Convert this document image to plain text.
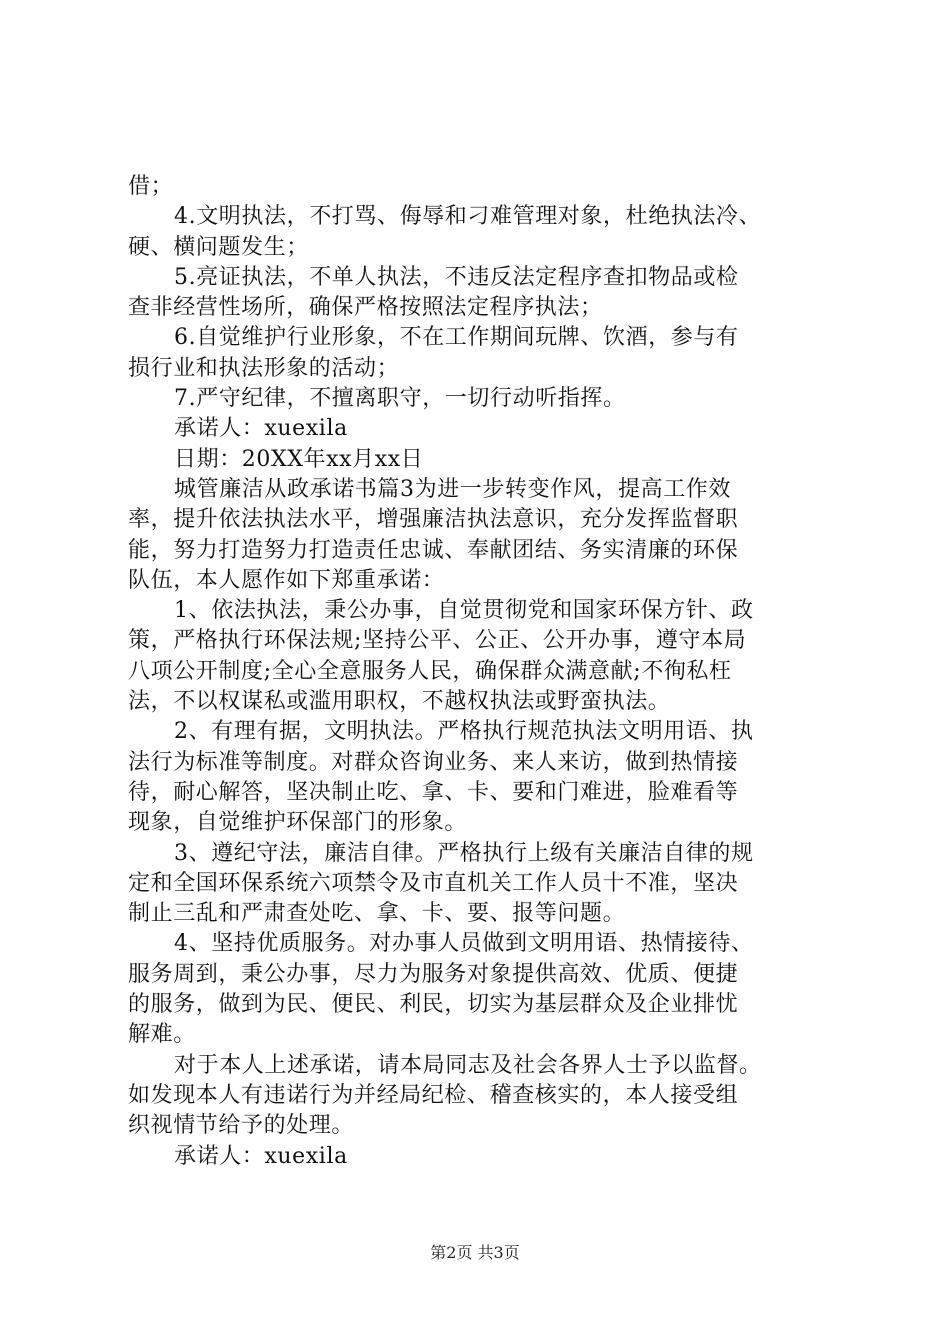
借；
4.文明执法，不打骂、侮辱和刁难管理对象，杜绝执法冷、
硬、横问题发生；
5.亮证执法，不单人执法，不违反法定程序查扣物品或检
查非经营性场所，确保严格按照法定程序执法；
6.自觉维护行业形象，不在工作期间玩牌、饮酒，参与有
损行业和执法形象的活动；
7.严守纪律，不擅离职守，一切行动听指挥。
承诺人：xuexila
日期：20XX年xx月xx日
城管廉洁从政承诺书篇3为进一步转变作风，提高工作效
率，提升依法执法水平，增强廉洁执法意识，充分发挥监督职
能，努力打造努力打造责任忠诚、奉献团结、务实清廉的环保
队伍，本人愿作如下郑重承诺：
1、依法执法，秉公办事，自觉贯彻党和国家环保方针、政
策，严格执行环保法规;坚持公平、公正、公开办事，遵守本局
八项公开制度;全心全意服务人民，确保群众满意献;不徇私枉
法，不以权谋私或滥用职权，不越权执法或野蛮执法。
2、有理有据，文明执法。严格执行规范执法文明用语、执
法行为标准等制度。对群众咨询业务、来人来访，做到热情接
待，耐心解答，坚决制止吃、拿、卡、要和门难进，脸难看等
现象，自觉维护环保部门的形象。
3、遵纪守法，廉洁自律。严格执行上级有关廉洁自律的规
定和全国环保系统六项禁令及市直机关工作人员十不准，坚决
制止三乱和严肃查处吃、拿、卡、要、报等问题。
4、坚持优质服务。对办事人员做到文明用语、热情接待、
服务周到，秉公办事，尽力为服务对象提供高效、优质、便捷
的服务，做到为民、便民、利民，切实为基层群众及企业排忧
解难。
对于本人上述承诺，请本局同志及社会各界人士予以监督。
如发现本人有违诺行为并经局纪检、稽查核实的，本人接受组
织视情节给予的处理。
承诺人：xuexila
第2页 共3页
